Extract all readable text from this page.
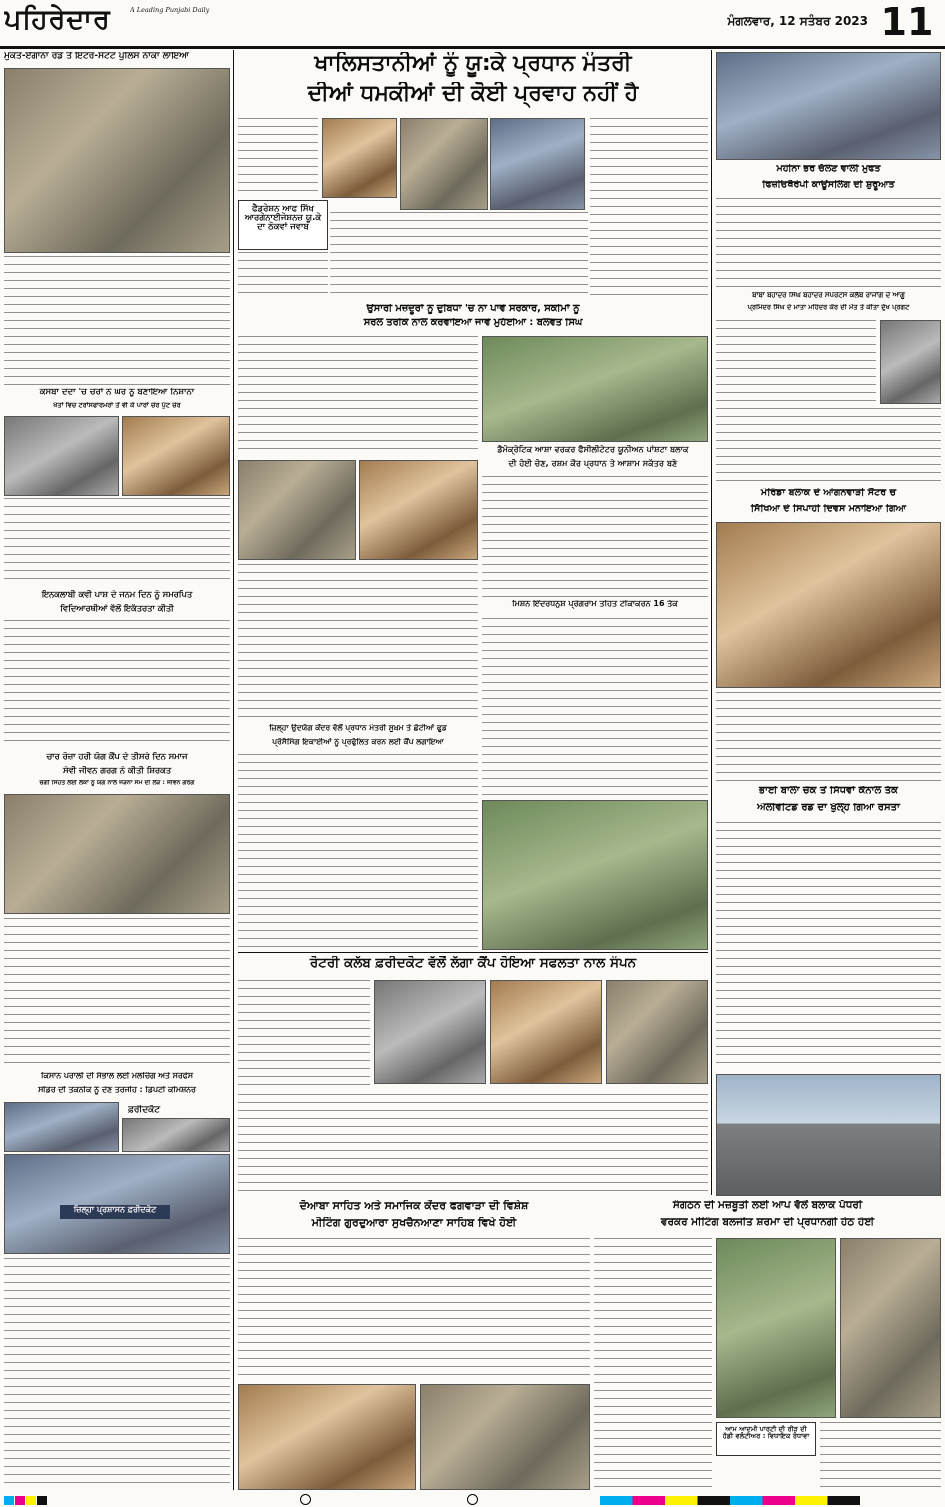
ਪਹਿਰੇਦਾਰ	A Leading Punjabi Daily
ਮੰਗਲਵਾਰ, 12 ਸਤੰਬਰ 2023 11
ਮੁਕਤ-ਏਂਗਾਨਾ ਰੋਡ ਤੇ ਇਟਰ-ਸਟਟ ਪੁਲਿਸ ਨਾਕਾ ਲਾਇਆ
ਕਸਬਾ ਦੋਦਾ 'ਚ ਚੋਰਾਂ ਨੇ ਘਰ ਨੂੰ ਬਣਾਇਆ ਨਿਸ਼ਾਨਾ
ਖੇਤਾਂ ਵਿਚ ਟਰਾਂਸਫਾਰਮਰਾਂ ਤੋਂ ਵੀ ਕੇ ਪਾਰਾਂ ਚੋਰ ਪੁੱਟ ਚੋਰ
ਇਨਕਲਾਬੀ ਕਵੀ ਪਾਸ਼ ਦੇ ਜਨਮ ਦਿਨ ਨੂੰ ਸਮਰਪਿਤ
ਵਿਦਿਆਰਥੀਆਂ ਵੱਲੋਂ ਇਕੱਤਰਤਾ ਕੀਤੀ
ਚਾਰ ਰੋਜ਼ਾ ਹਰੀ ਯੋਗ ਕੈਂਪ ਦੇ ਤੀਸਰੇ ਦਿਨ ਸਮਾਜ
ਸੇਵੀ ਜੀਵਨ ਗਰਗ ਨੇ ਕੀਤੀ ਸ਼ਿਰਕਤ
ਚੰਗੀ ਸਿਹਤ ਲਈ ਲੋਕਾਂ ਨੂੰ ਯੋਗ ਨਾਲ ਜੋੜਨਾ ਸਮੇਂ ਦੀ ਲੋੜ : ਜੀਵਨ ਗਰਗ
ਕਿਸਾਨ ਪਰਾਲੀ ਦੀ ਸੰਭਾਲ ਲਈ ਮਲਚਿੰਗ ਅਤੇ ਸਰਫੇਸ
ਸੀਡਰ ਦੀ ਤਕਨੀਕ ਨੂੰ ਦੇਣ ਤਰਜੀਹ : ਡਿਪਟੀ ਕਮਿਸ਼ਨਰ
ਫ਼ਰੀਦਕੋਟ
ਜ਼ਿਲ੍ਹਾ ਪ੍ਰਸ਼ਾਸਨ ਫ਼ਰੀਦਕੋਟ
ਖਾਲਿਸਤਾਨੀਆਂ ਨੂੰ ਯੂ:ਕੇ ਪ੍ਰਧਾਨ ਮੰਤਰੀ
ਦੀਆਂ ਧਮਕੀਆਂ ਦੀ ਕੋਈ ਪ੍ਰਵਾਹ ਨਹੀਂ ਹੈ
ਫੈਡਰੇਸ਼ਨ ਆਫ ਸਿੱਖ ਆਰਗੇਨਾਈਜੇਸ਼ਨਜ਼ ਯੂ.ਕੇ ਦਾ ਠੋਕਵਾਂ ਜਵਾਬ
ਉਸਾਰੀ ਮਜ਼ਦੂਰਾਂ ਨੂੰ ਦੁਬਿਧਾ 'ਚ ਨਾ ਪਾਵੇ ਸਰਕਾਰ, ਸਕੀਮਾਂ ਨੂੰ
ਸਰਲ ਤਰੀਕੇ ਨਾਲ ਕਰਵਾਇਆ ਜਾਵੇ ਮੁਹੱਈਆ : ਬਲਵੰਤ ਸਿੰਘ
ਡੈਮੋਕ੍ਰੇਟਿਕ ਆਸ਼ਾ ਵਰਕਰ ਫੈਸੀਲੀਟੇਟਰ ਯੂਨੀਅਨ ਪਾਂਸ਼ਟਾ ਬਲਾਕ
ਦੀ ਹੋਈ ਚੋਣ, ਰਸ਼ਮ ਕੌਰ ਪ੍ਰਧਾਨ ਤੇ ਆਸ਼ਾਮ ਸਕੱਤਰ ਬਣੇ
ਮਿਸ਼ਨ ਇੰਦਰਧਨੁਸ਼ ਪ੍ਰੋਗਰਾਮ ਤਹਿਤ ਟੀਕਾਕਰਨ 16 ਤੱਕ
ਜ਼ਿਲ੍ਹਾ ਉਦਯੋਗ ਕੇਂਦਰ ਵੱਲੋਂ ਪ੍ਰਧਾਨ ਮੰਤਰੀ ਸੂਖ਼ਮ ਤੇ ਛੋਟੀਆਂ ਫੂਡ
ਪ੍ਰੋਸੈਸਿੰਗ ਇਕਾਈਆਂ ਨੂੰ ਪ੍ਰਫੁੱਲਿਤ ਕਰਨ ਲਈ ਕੈਂਪ ਲਗਾਇਆ
ਰੋਟਰੀ ਕਲੱਬ ਫ਼ਰੀਦਕੋਟ ਵੱਲੋਂ ਲੱਗਾ ਕੈਂਪ ਹੋਇਆ ਸਫਲਤਾ ਨਾਲ ਸੰਪਨ
ਦੋਆਬਾ ਸਾਹਿਤ ਅਤੇ ਸਮਾਜਿਕ ਕੇਂਦਰ ਫਗਵਾੜਾ ਦੀ ਵਿਸ਼ੇਸ਼
ਮੀਟਿੰਗ ਗੁਰਦੁਆਰਾ ਸੁਖਚੈਨਆਣਾ ਸਾਹਿਬ ਵਿਖੇ ਹੋਈ
ਮਹੀਨਾ ਭਰ ਚੱਲਣ ਵਾਲੀ ਮੁਫਤ
ਫਿਜ਼ੀਓਥੈਰੇਪੀ ਕਾਊਂਸਲਿੰਗ ਦੀ ਸ਼ੁਰੂਆਤ
ਬਾਬਾ ਬਹਾਦਰ ਸਿੰਘ ਬਹਾਦਰ ਸਪੋਰਟਸ ਕਲੱਬ ਰਾਜਾਂਗ ਦੇ ਆਗੂ
ਪ੍ਰਮਿੰਦਰ ਸਿੰਘ ਦੇ ਮਾਤਾ ਮਹਿੰਦਰ ਕੌਰ ਦੀ ਮੌਤ ਤੇ ਕੀਤਾ ਦੁੱਖ ਪ੍ਰਗਟ
ਮੋਰਿੰਡਾ ਬਲਾਕ ਦੇ ਆਂਗਨਵਾੜੀ ਸੈਂਟਰ ਚ
ਸਿੱਖਿਆ ਦੇ ਸਿਪਾਹੀ ਦਿਵਸ ਮਨਾਇਆ ਗਿਆ
ਭਾਈ ਬਾਲਾ ਚੌਕ ਤੋਂ ਸਿੱਧਵਾਂ ਕੈਨਾਲ ਤੱਕ
ਐਲੀਵੇਟਿਡ ਰੋਡ ਦਾ ਖੁੱਲ੍ਹ ਗਿਆ ਰਸਤਾ
ਸੰਗਠਨ ਦੀ ਮਜ਼ਬੂਤੀ ਲਈ ਆਪ ਵੱਲੋਂ ਬਲਾਕ ਪੱਧਰੀ
ਵਰਕਰ ਮੀਟਿੰਗ ਬਲਜੀਤ ਸ਼ਰਮਾ ਦੀ ਪ੍ਰਧਾਨਗੀ ਹੇਠ ਹੋਈ
ਆਮ ਆਦਮੀ ਪਾਰਟੀ ਦੀ ਰੀੜ ਦੀ ਹੱਡੀ ਵਲੰਟੀਅਰ : ਵਿਧਾਇਕ ਰੰਧਾਵਾ
